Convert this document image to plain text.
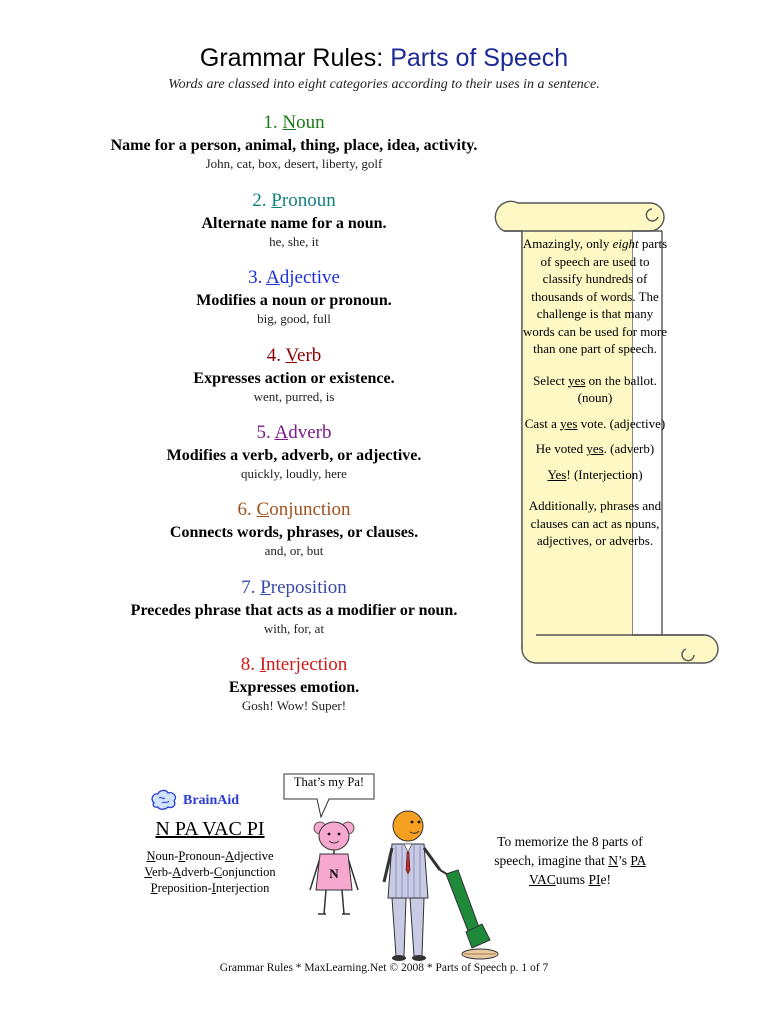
Grammar Rules: Parts of Speech
Words are classed into eight categories according to their uses in a sentence.
1. Noun
Name for a person, animal, thing, place, idea, activity.
John, cat, box, desert, liberty, golf
2. Pronoun
Alternate name for a noun.
he, she, it
3. Adjective
Modifies a noun or pronoun.
big, good, full
4. Verb
Expresses action or existence.
went, purred, is
5. Adverb
Modifies a verb, adverb, or adjective.
quickly, loudly, here
6. Conjunction
Connects words, phrases, or clauses.
and, or, but
7. Preposition
Precedes phrase that acts as a modifier or noun.
with, for, at
8. Interjection
Expresses emotion.
Gosh! Wow! Super!

Amazingly, only eight parts of speech are used to classify hundreds of thousands of words. The challenge is that many words can be used for more than one part of speech.

Select yes on the ballot. (noun)

Cast a yes vote. (adjective)

He voted yes. (adverb)

Yes! (Interjection)

Additionally, phrases and clauses can act as nouns, adjectives, or adverbs.

BrainAid
N PA VAC PI
Noun-Pronoun-Adjective
Verb-Adverb-Conjunction
Preposition-Interjection
That’s my Pa!
N
To memorize the 8 parts of speech, imagine that N’s PA VACuums PIe!
Grammar Rules * MaxLearning.Net © 2008 * Parts of Speech p. 1 of 7
